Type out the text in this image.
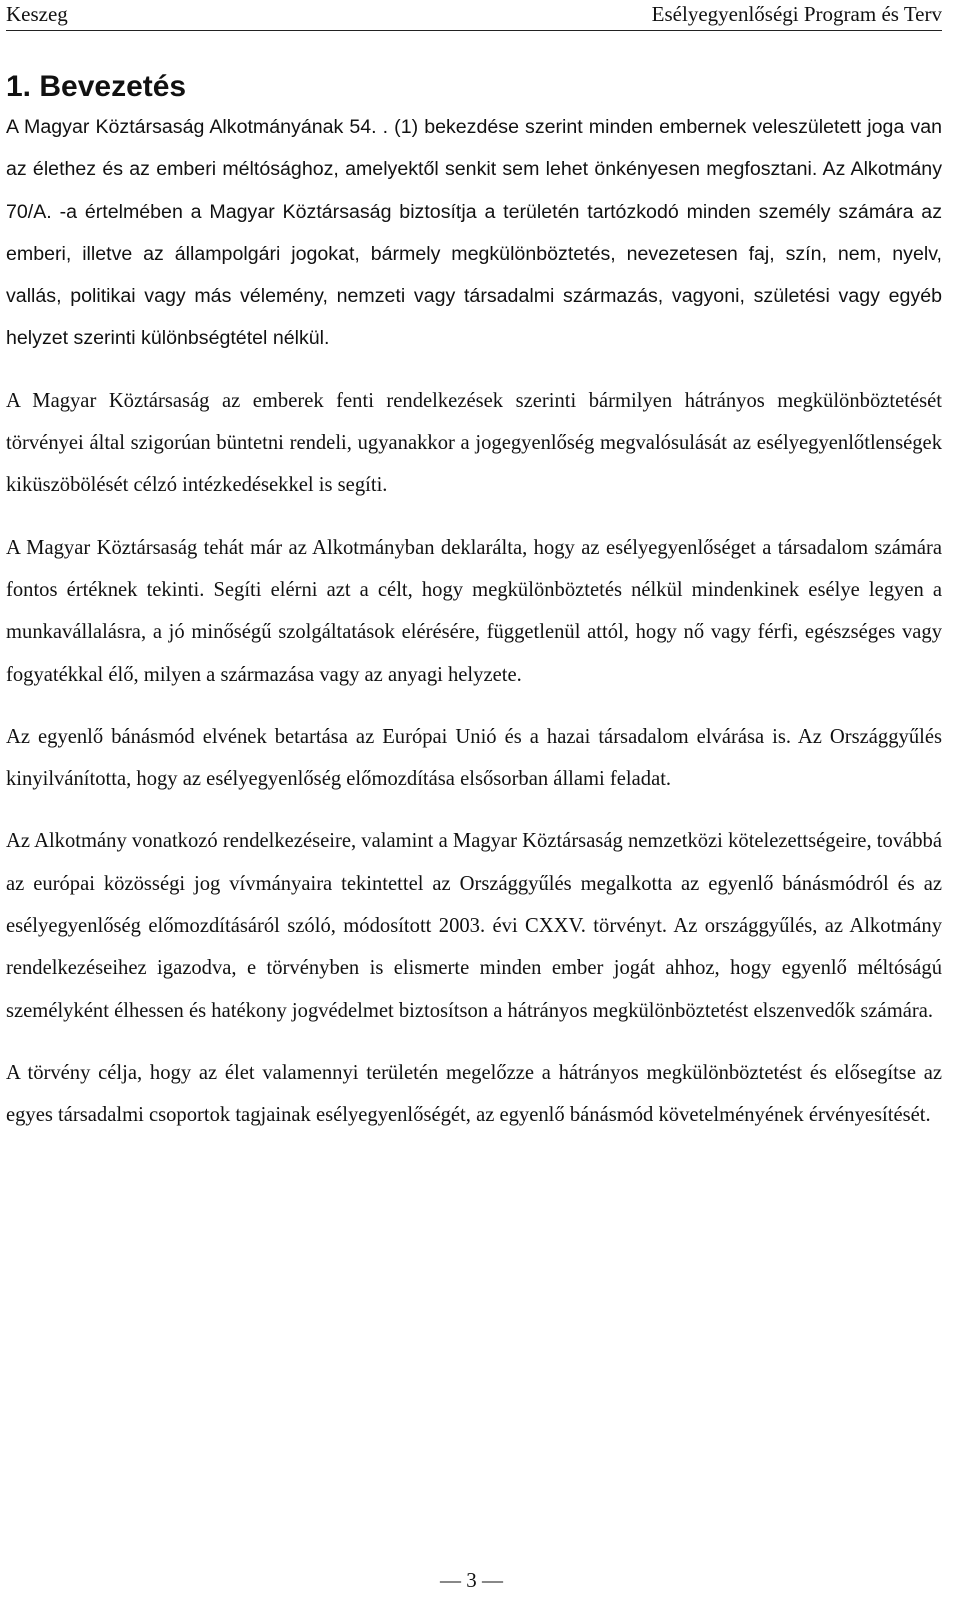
Keszeg	Esélyegyenlőségi Program és Terv
1. Bevezetés

A Magyar Köztársaság Alkotmányának 54. . (1) bekezdése szerint minden embernek veleszületett joga van az élethez és az emberi méltósághoz, amelyektől senkit sem lehet önkényesen megfosztani. Az Alkotmány 70/A. -a értelmében a Magyar Köztársaság biztosítja a területén tartózkodó minden személy számára az emberi, illetve az állampolgári jogokat, bármely megkülönböztetés, nevezetesen faj, szín, nem, nyelv, vallás, politikai vagy más vélemény, nemzeti vagy társadalmi származás, vagyoni, születési vagy egyéb helyzet szerinti különbségtétel nélkül.

A Magyar Köztársaság az emberek fenti rendelkezések szerinti bármilyen hátrányos megkülönböztetését törvényei által szigorúan büntetni rendeli, ugyanakkor a jogegyenlőség megvalósulását az esélyegyenlőtlenségek kiküszöbölését célzó intézkedésekkel is segíti.

A Magyar Köztársaság tehát már az Alkotmányban deklarálta, hogy az esélyegyenlőséget a társadalom számára fontos értéknek tekinti. Segíti elérni azt a célt, hogy megkülönböztetés nélkül mindenkinek esélye legyen a munkavállalásra, a jó minőségű szolgáltatások elérésére, függetlenül attól, hogy nő vagy férfi, egészséges vagy fogyatékkal élő, milyen a származása vagy az anyagi helyzete.

Az egyenlő bánásmód elvének betartása az Európai Unió és a hazai társadalom elvárása is. Az Országgyűlés kinyilvánította, hogy az esélyegyenlőség előmozdítása elsősorban állami feladat.

Az Alkotmány vonatkozó rendelkezéseire, valamint a Magyar Köztársaság nemzetközi kötelezettségeire, továbbá az európai közösségi jog vívmányaira tekintettel az Országgyűlés megalkotta az egyenlő bánásmódról és az esélyegyenlőség előmozdításáról szóló, módosított 2003. évi CXXV. törvényt. Az országgyűlés, az Alkotmány rendelkezéseihez igazodva, e törvényben is elismerte minden ember jogát ahhoz, hogy egyenlő méltóságú személyként élhessen és hatékony jogvédelmet biztosítson a hátrányos megkülönböztetést elszenvedők számára.

A törvény célja, hogy az élet valamennyi területén megelőzze a hátrányos megkülönböztetést és elősegítse az egyes társadalmi csoportok tagjainak esélyegyenlőségét, az egyenlő bánásmód követelményének érvényesítését.

— 3 —
